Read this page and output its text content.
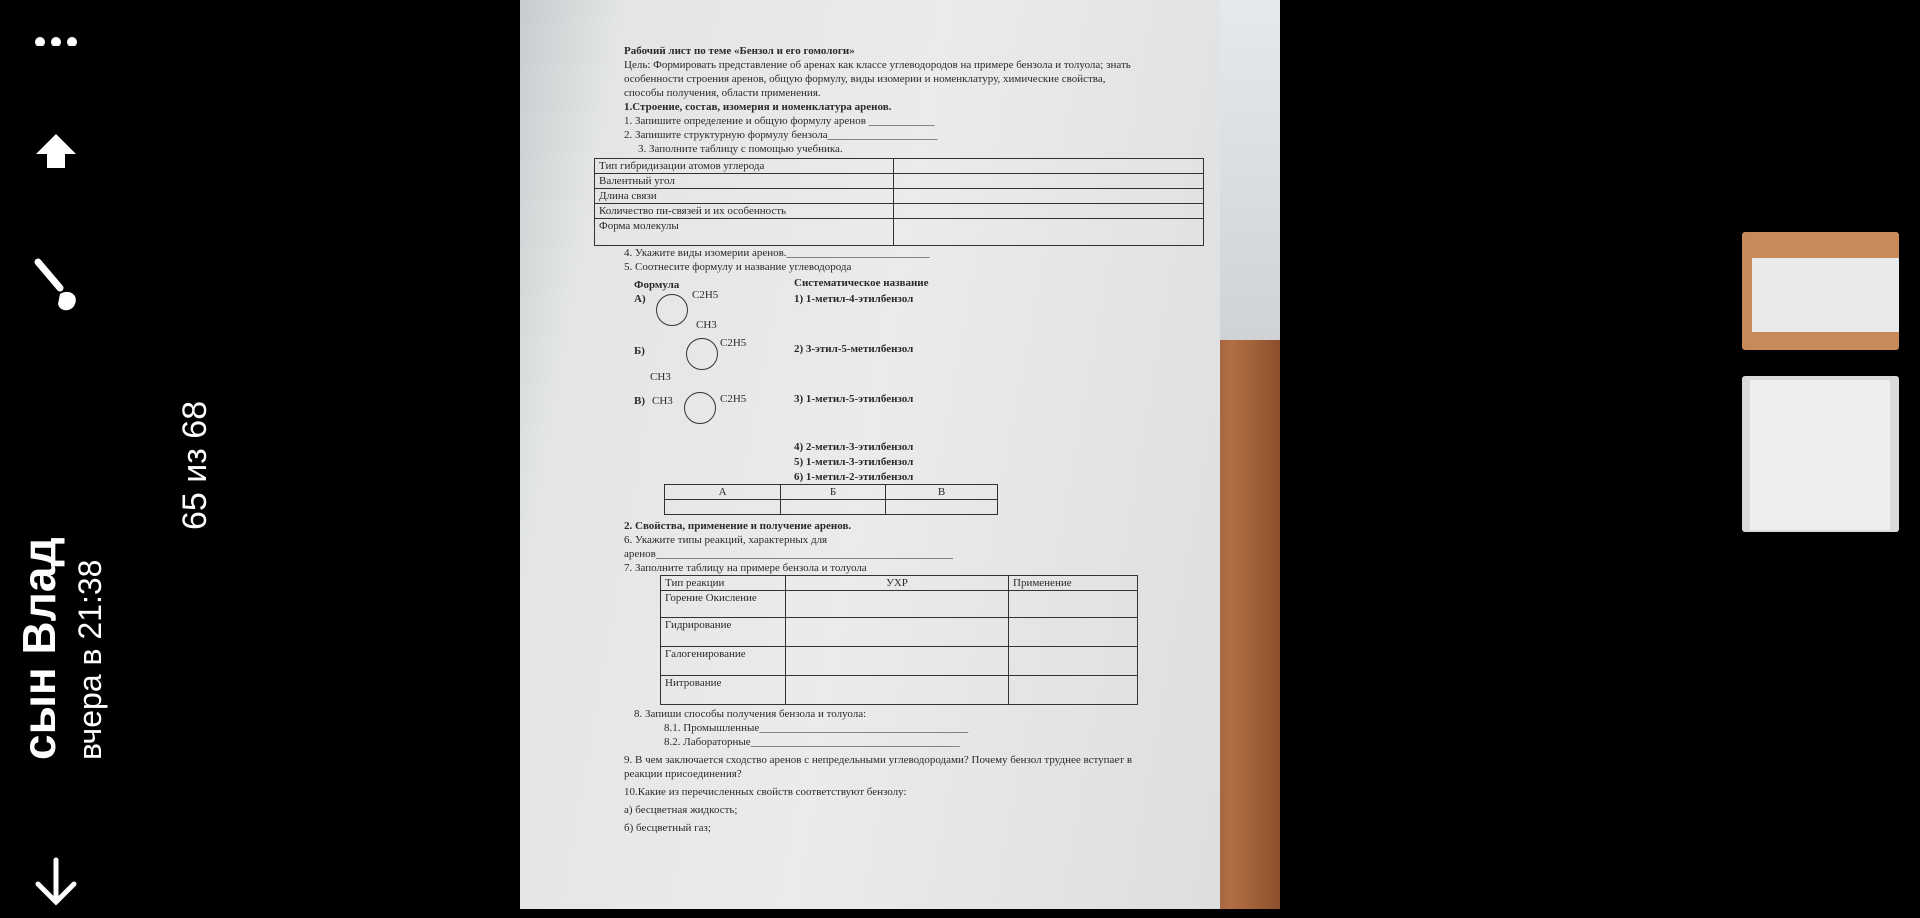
сын Влад вчера в 21:38
65 из 68

Рабочий лист по теме «Бензол и его гомологи»

Цель: Формировать представление об аренах как классе углеводородов на примере бензола и толуола; знать особенности строения аренов, общую формулу, виды изомерии и номенклатуру, химические свойства, способы получения, области применения.

1.Строение, состав, изомерия и номенклатура аренов.

1. Запишите определение и общую формулу аренов ____________

2. Запишите структурную формулу бензола____________________

3. Заполните таблицу с помощью учебника.

Тип гибридизации атомов углерода	
Валентный угол	
Длина связи	
Количество пи-связей и их особенность	
Форма молекулы	

4. Укажите виды изомерии аренов.__________________________

5. Соотнесите формулу и название углеводорода

Формула	Систематическое название
А)	C2H5
CH3
Б)
C2H5
CH3
В) CH3	C2H5
1) 1-метил-4-этилбензол
2) 3-этил-5-метилбензол
3) 1-метил-5-этилбензол
4) 2-метил-3-этилбензол
5) 1-метил-3-этилбензол
6) 1-метил-2-этилбензол
А	Б	В

2. Свойства, применение и получение аренов.

6. Укажите типы реакций, характерных для

аренов______________________________________________________

7. Заполните таблицу на примере бензола и толуола

Тип реакции	УХР	Применение
Горение Окисление		
Гидрирование		
Галогенирование		
Нитрование		

8. Запиши способы получения бензола и толуола:

8.1. Промышленные______________________________________

8.2. Лабораторные______________________________________

9. В чем заключается сходство аренов с непредельными углеводородами? Почему бензол труднее вступает в реакции присоединения?

10.Какие из перечисленных свойств соответствуют бензолу:

а) бесцветная жидкость;

б) бесцветный газ;
